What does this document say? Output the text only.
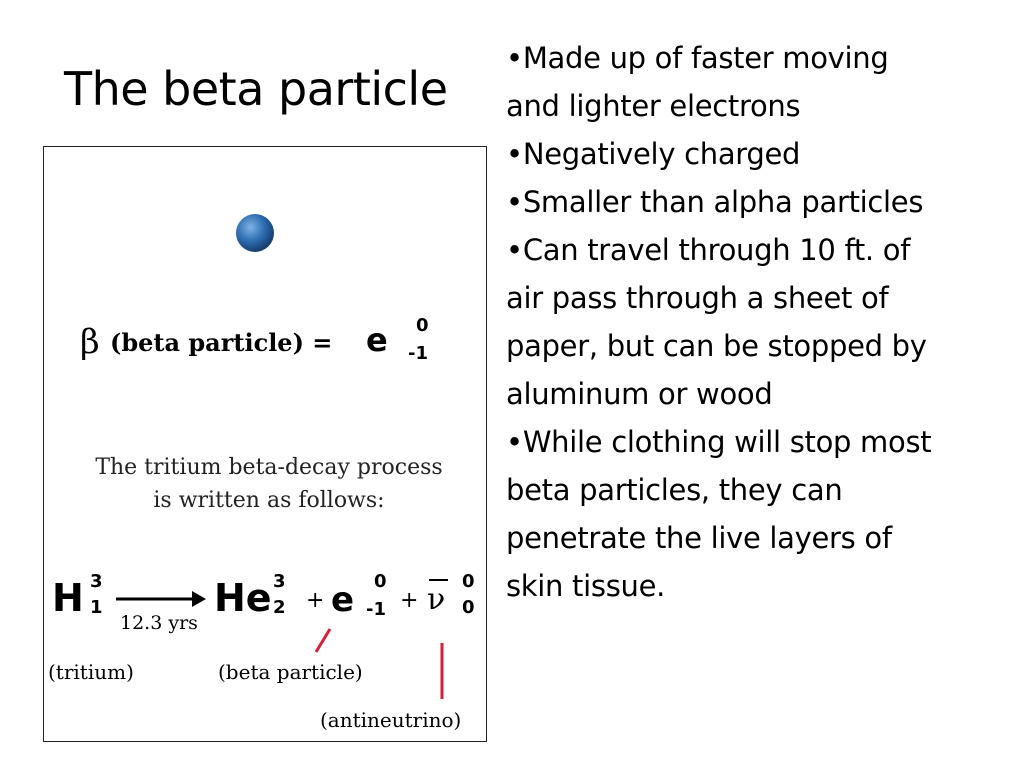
The beta particle
•Made up of faster moving and lighter electrons
•Negatively charged
•Smaller than alpha particles
•Can travel through 10 ft. of air pass through a sheet of paper, but can be stopped by aluminum or wood
•While clothing will stop most beta particles, they can penetrate the live layers of skin tissue.
β (beta particle) = e 0
-1
The tritium beta-decay process
is written as follows:
H 3
1
12.3 yrs
He 3
2 + e 0
-1 + ν
0
0
(tritium)	(beta particle)
(antineutrino)
